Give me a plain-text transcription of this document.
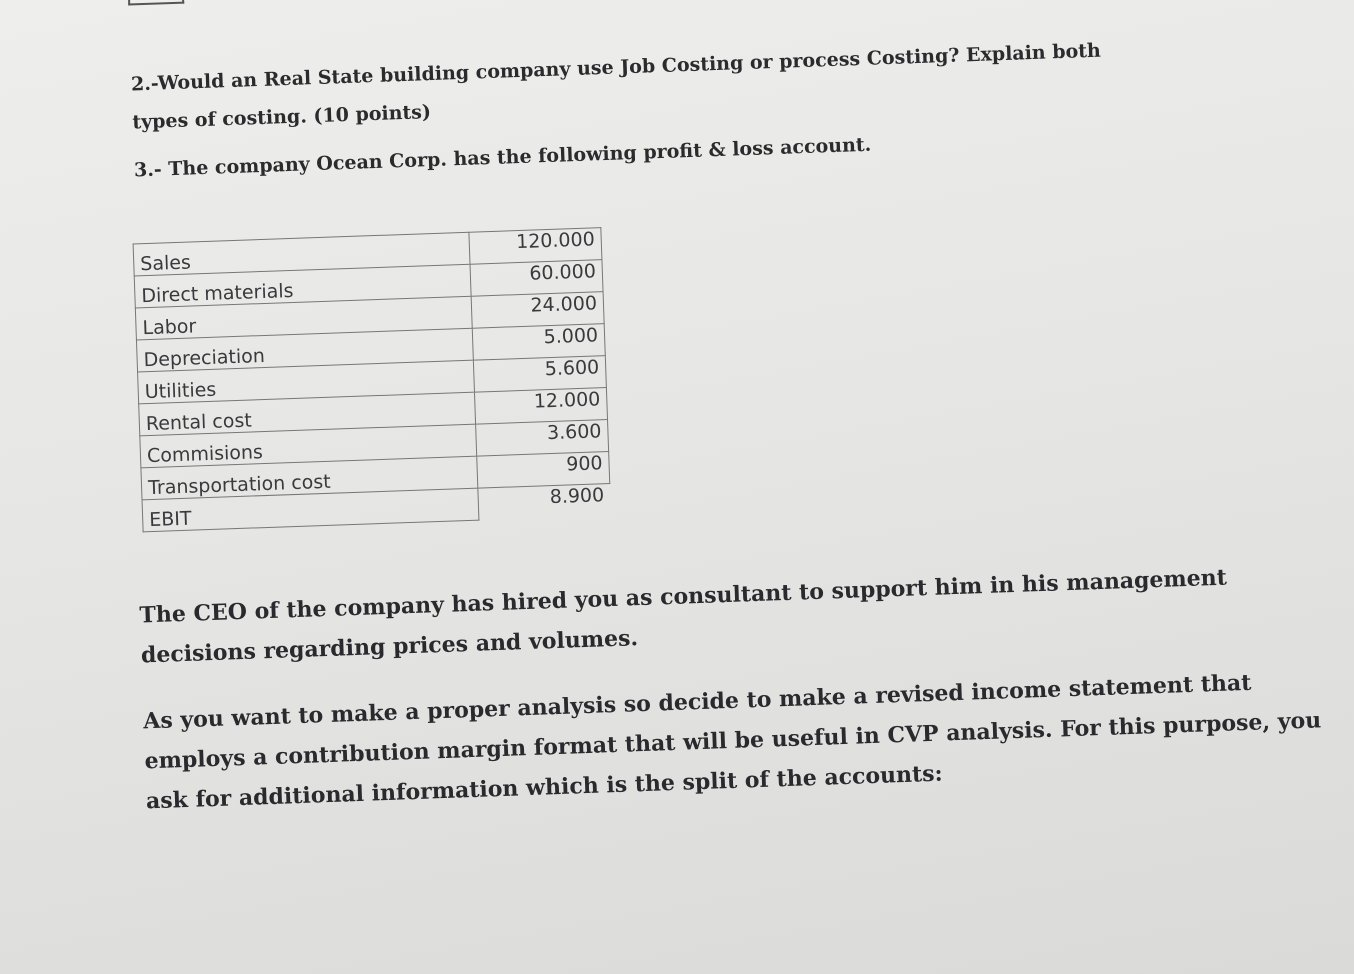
2.-Would an Real State building company use Job Costing or process Costing? Explain both types of costing. (10 points)
3.- The company Ocean Corp. has the following profit & loss account.
Sales	120.000
Direct materials	60.000
Labor	24.000
Depreciation	5.000
Utilities	5.600
Rental cost	12.000
Commisions	3.600
Transportation cost	900
EBIT	8.900
The CEO of the company has hired you as consultant to support him in his management decisions regarding prices and volumes.
As you want to make a proper analysis so decide to make a revised income statement that employs a contribution margin format that will be useful in CVP analysis. For this purpose, you ask for additional information which is the split of the accounts:
